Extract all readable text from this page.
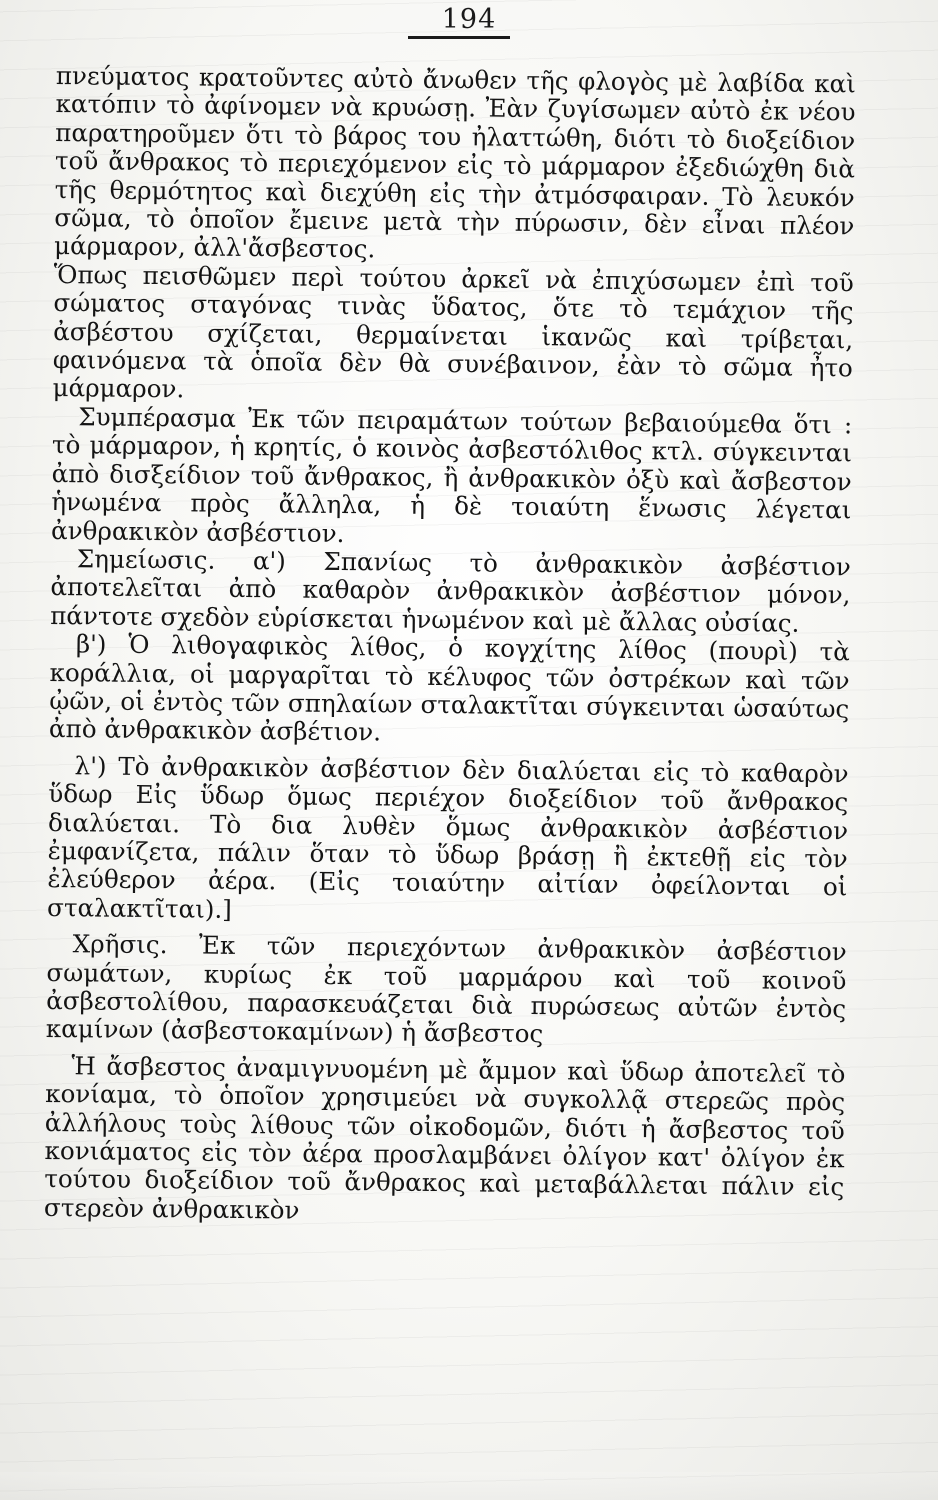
194

πνεύματος κρατοῦντες αὐτὸ ἄνωθεν τῆς φλογὸς μὲ λαβίδα καὶ κατόπιν τὸ ἀφίνομεν νὰ κρυώσῃ. Ἐὰν ζυγίσωμεν αὐτὸ ἐκ νέου παρατηροῦμεν ὅτι τὸ βάρος του ἠλαττώθη, διότι τὸ διοξείδιον τοῦ ἄνθρακος τὸ περιεχόμενον εἰς τὸ μάρμαρον ἐξεδιώχθη διὰ τῆς θερμότητος καὶ διεχύθη εἰς τὴν ἀτμόσφαιραν. Τὸ λευκόν σῶμα, τὸ ὁποῖον ἔμεινε μετὰ τὴν πύρωσιν, δὲν εἶναι πλέον μάρμαρον, ἀλλ'ἄσβεστος.

Ὅπως πεισθῶμεν περὶ τούτου ἀρκεῖ νὰ ἐπιχύσωμεν ἐπὶ τοῦ σώματος σταγόνας τινὰς ὕδατος, ὅτε τὸ τεμάχιον τῆς ἀσβέστου σχίζεται, θερμαίνεται ἱκανῶς καὶ τρίβεται, φαινόμενα τὰ ὁποῖα δὲν θὰ συνέβαινον, ἐὰν τὸ σῶμα ἦτο μάρμαρον.

Συμπέρασμα Ἐκ τῶν πειραμάτων τούτων βεβαιούμεθα ὅτι : τὸ μάρμαρον, ἡ κρητίς, ὁ κοινὸς ἀσβεστόλιθος κτλ. σύγκεινται ἀπὸ δισξείδιον τοῦ ἄνθρακος, ἢ ἀνθρακικὸν ὀξὺ καὶ ἄσβεστον ἡνωμένα πρὸς ἄλληλα, ἡ δὲ τοιαύτη ἕνωσις λέγεται ἀνθρακικὸν ἀσβέστιον.

Σημείωσις. α') Σπανίως τὸ ἀνθρακικὸν ἀσβέστιον ἀποτελεῖται ἀπὸ καθαρὸν ἀνθρακικὸν ἀσβέστιον μόνον, πάντοτε σχεδὸν εὑρίσκεται ἡνωμένον καὶ μὲ ἄλλας οὐσίας.

β') Ὁ λιθογαφικὸς λίθος, ὁ κογχίτης λίθος (πουρὶ) τὰ κοράλλια, οἱ μαργαρῖται τὸ κέλυφος τῶν ὀστρέκων καὶ τῶν ᾠῶν, οἱ ἐντὸς τῶν σπηλαίων σταλακτῖται σύγκεινται ὡσαύτως ἀπὸ ἀνθρακικὸν ἀσβέτιον.

λ') Τὸ ἀνθρακικὸν ἀσβέστιον δὲν διαλύεται εἰς τὸ καθαρὸν ὕδωρ Εἰς ὕδωρ ὅμως περιέχον διοξείδιον τοῦ ἄνθρακος διαλύεται. Τὸ δια λυθὲν ὅμως ἀνθρακικὸν ἀσβέστιον ἐμφανίζετα, πάλιν ὅταν τὸ ὕδωρ βράσῃ ἢ ἐκτεθῇ εἰς τὸν ἐλεύθερον ἀέρα. (Εἰς τοιαύτην αἰτίαν ὀφείλονται οἱ σταλακτῖται).]

Χρῆσις. Ἐκ τῶν περιεχόντων ἀνθρακικὸν ἀσβέστιον σωμάτων, κυρίως ἐκ τοῦ μαρμάρου καὶ τοῦ κοινοῦ ἀσβεστολίθου, παρασκευάζεται διὰ πυρώσεως αὐτῶν ἐντὸς καμίνων (ἀσβεστοκαμίνων) ἡ ἄσβεστος

Ἡ ἄσβεστος ἀναμιγνυομένη μὲ ἄμμον καὶ ὕδωρ ἀποτελεῖ τὸ κονίαμα, τὸ ὁποῖον χρησιμεύει νὰ συγκολλᾷ στερεῶς πρὸς ἀλλήλους τοὺς λίθους τῶν οἰκοδομῶν, διότι ἡ ἄσβεστος τοῦ κονιάματος εἰς τὸν ἀέρα προσλαμβάνει ὀλίγον κατ' ὀλίγον ἐκ τούτου διοξείδιον τοῦ ἄνθρακος καὶ μεταβάλλεται πάλιν εἰς στερεὸν ἀνθρακικὸν
